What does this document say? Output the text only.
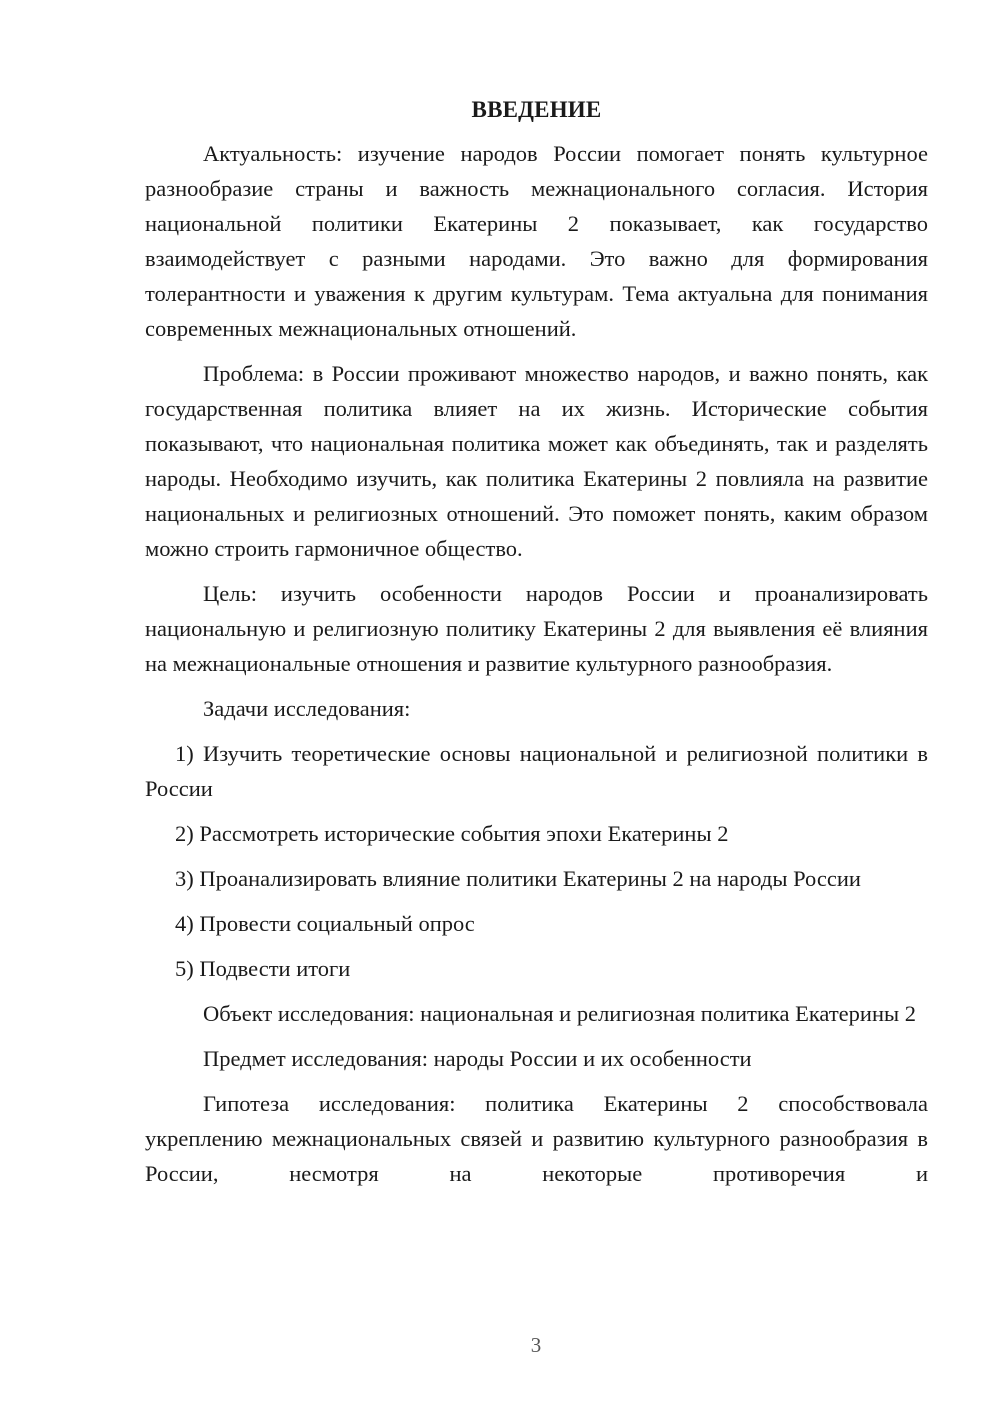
ВВЕДЕНИЕ

Актуальность: изучение народов России помогает понять культурное разнообразие страны и важность межнационального согласия. История национальной политики Екатерины 2 показывает, как государство взаимодействует с разными народами. Это важно для формирования толерантности и уважения к другим культурам. Тема актуальна для понимания современных межнациональных отношений.

Проблема: в России проживают множество народов, и важно понять, как государственная политика влияет на их жизнь. Исторические события показывают, что национальная политика может как объединять, так и разделять народы. Необходимо изучить, как политика Екатерины 2 повлияла на развитие национальных и религиозных отношений. Это поможет понять, каким образом можно строить гармоничное общество.

Цель: изучить особенности народов России и проанализировать национальную и религиозную политику Екатерины 2 для выявления её влияния на межнациональные отношения и развитие культурного разнообразия.

Задачи исследования:

1) Изучить теоретические основы национальной и религиозной политики в России

2) Рассмотреть исторические события эпохи Екатерины 2

3) Проанализировать влияние политики Екатерины 2 на народы России

4) Провести социальный опрос

5) Подвести итоги

Объект исследования: национальная и религиозная политика Екатерины 2

Предмет исследования: народы России и их особенности

Гипотеза исследования: политика Екатерины 2 способствовала укреплению межнациональных связей и развитию культурного разнообразия в России, несмотря на некоторые противоречия и

3
